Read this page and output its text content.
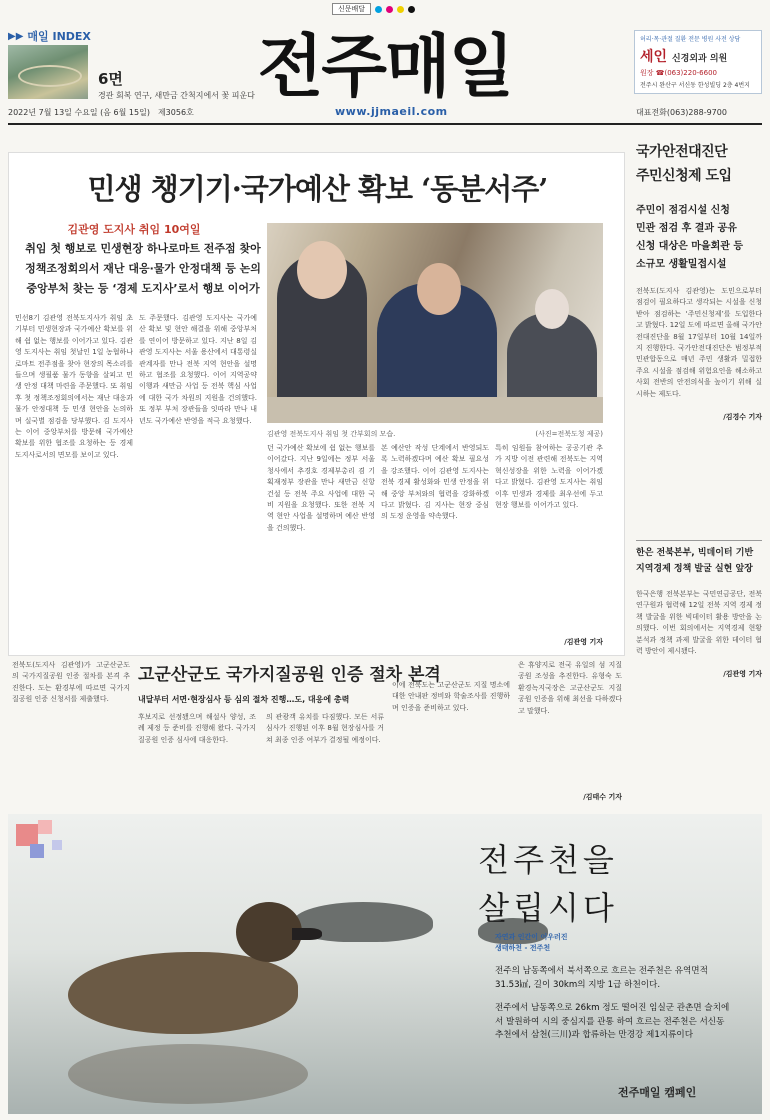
신문배달
▶▶ 매일 INDEX
6면
경관 회복 연구, 새만금 간척지에서 꽃 피운다 전주매일
www.jjmaeil.com
허리·목·관절 질환 전문 병원 사전 상담
세인 신경외과 의원
원장 ☎(063)220-6600
전주시 완산구 서신동 한성빌딩 2층 4번지
2022년 7월 13일 수요일 (음 6월 15일) 제3056호	대표전화(063)288-9700
민생 챙기기·국가예산 확보 ‘동분서주’
김관영 도지사 취임 10여일
취임 첫 행보로 민생현장 하나로마트 전주점 찾아
정책조정회의서 재난 대응·물가 안정대책 등 논의
중앙부처 찾는 등 ‘경제 도지사’로서 행보 이어가
김관영 전북도지사 취임 첫 간부회의 모습.	(사진=전북도청 제공)
민선8기 김관영 전북도지사가 취임 초기부터 민생현장과 국가예산 확보를 위해 쉼 없는 행보를 이어가고 있다. 김관영 도지사는 취임 첫날인 1일 농협하나로마트 전주점을 찾아 현장의 목소리를 들으며 생필품 물가 동향을 살피고 민생 안정 대책 마련을 주문했다. 또 취임 후 첫 정책조정회의에서는 재난 대응과 물가 안정대책 등 민생 현안을 논의하며 실국별 점검을 당부했다. 김 도지사는 이어 중앙부처를 방문해 국가예산 확보를 위한 협조를 요청하는 등 경제 도지사로서의 면모를 보이고 있다.
도 주문했다. 김관영 도지사는 국가예산 확보 및 현안 해결을 위해 중앙부처를 연이어 방문하고 있다. 지난 8일 김관영 도지사는 서울 용산에서 대통령실 관계자를 만나 전북 지역 현안을 설명하고 협조를 요청했다. 이어 지역공약 이행과 새만금 사업 등 전북 핵심 사업에 대한 국가 차원의 지원을 건의했다. 또 정부 부처 장관들을 잇따라 만나 내년도 국가예산 반영을 적극 요청했다.
던 국가예산 확보에 쉼 없는 행보를 이어갔다. 지난 9일에는 정부 서울청사에서 추경호 경제부총리 겸 기획재정부 장관을 만나 새만금 신항 건설 등 전북 주요 사업에 대한 국비 지원을 요청했다. 또한 전북 지역 현안 사업을 설명하며 예산 반영을 건의했다.
본 예산안 작성 단계에서 반영되도록 노력하겠다며 예산 확보 필요성을 강조했다. 이어 김관영 도지사는 전북 경제 활성화와 민생 안정을 위해 중앙 부처와의 협력을 강화하겠다고 밝혔다. 김 지사는 현장 중심의 도정 운영을 약속했다.
특히 임원들 참여하는 공공기관 추가 지방 이전 관련해 전북도는 지역혁신성장을 위한 노력을 이어가겠다고 밝혔다. 김관영 도지사는 취임 이후 민생과 경제를 최우선에 두고 현장 행보를 이어가고 있다.
/김관영 기자
국가안전대진단
주민신청제 도입
주민이 점검시설 신청
민관 점검 후 결과 공유
신청 대상은 마을회관 등
소규모 생활밀접시설
전북도(도지사 김관영)는 도민으로부터 점검이 필요하다고 생각되는 시설을 신청받아 점검하는 ‘주민신청제’를 도입한다고 밝혔다. 12일 도에 따르면 올해 국가안전대진단을 8월 17일부터 10월 14일까지 진행한다. 국가안전대진단은 범정부적 민관합동으로 매년 주민 생활과 밀접한 주요 시설을 점검해 위험요인을 해소하고 사회 전반의 안전의식을 높이기 위해 실시하는 제도다.
/김경수 기자
한은 전북본부, 빅데이터 기반
지역경제 정책 발굴 실현 앞장
한국은행 전북본부는 국민연금공단, 전북연구원과 협력해 12일 전북 지역 경제 정책 발굴을 위한 빅데이터 활용 방안을 논의했다. 이번 회의에서는 지역경제 현황 분석과 정책 과제 발굴을 위한 데이터 협력 방안이 제시됐다.
/김관영 기자
전북도(도지사 김관영)가 고군산군도의 국가지질공원 인증 절차를 본격 추진한다. 도는 환경부에 따르면 국가지질공원 인증 신청서를 제출했다.
고군산군도 국가지질공원 인증 절차 본격
내달부터 서면·현장심사 등 심의 절차 진행…도, 대응에 총력
후보지로 선정됐으며 해설사 양성, 조례 제정 등 준비를 진행해 왔다. 국가지질공원 인증 심사에 대응한다.
의 관광객 유치를 다짐했다. 모든 서류심사가 진행된 이후 8월 현장심사를 거쳐 최종 인증 여부가 결정될 예정이다.
이에 전북도는 고군산군도 지질 명소에 대한 안내판 정비와 학술조사를 진행하며 인증을 준비하고 있다.
은 휴양지로 전국 유일의 섬 지질공원 조성을 추진한다. 유형숙 도 환경녹지국장은 고군산군도 지질공원 인증을 위해 최선을 다하겠다고 말했다.
/김태수 기자
전주천을
살립시다
자연과 인간이 어우러진
생태하천 - 전주천

전주의 남동쪽에서 북서쪽으로 흐르는 전주천은 유역면적 31.53㎢, 길이 30km의 지방 1급 하천이다.

전주에서 남동쪽으로 26km 정도 떨어진 임실군 관촌면 슬치에서 발원하여 시의 중심지를 관통 하여 흐르는 전주천은 서신동 추천에서 삼천(三川)과 합류하는 만경강 제1지류이다

전주매일 캠페인
